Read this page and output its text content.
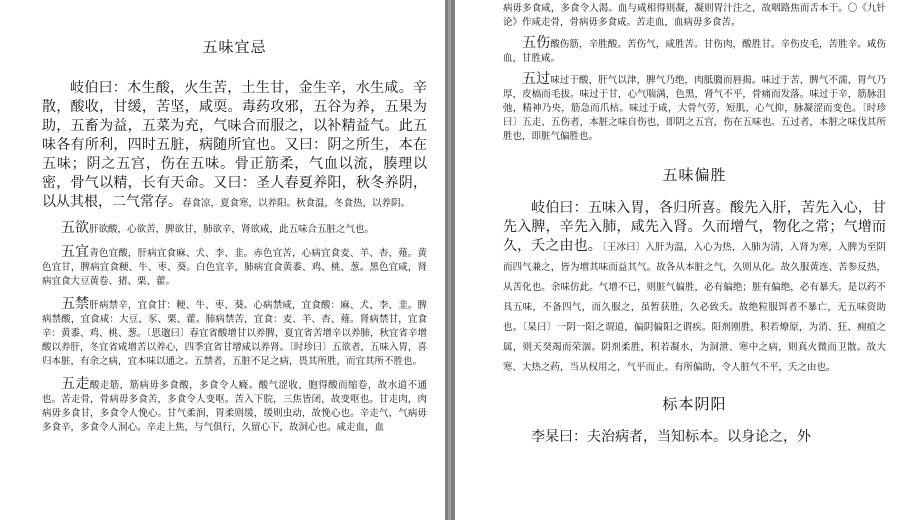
五味宜忌

岐伯曰：木生酸，火生苦，土生甘，金生辛，水生咸。辛散，酸收，甘缓，苦坚，咸耎。毒药攻邪，五谷为养，五果为助，五畜为益，五菜为充，气味合而服之，以补精益气。此五味各有所利，四时五脏，病随所宜也。又曰：阴之所生，本在五味；阴之五宫，伤在五味。骨正筋柔，气血以流，腠理以密，骨气以精，长有天命。又曰：圣人春夏养阳，秋冬养阴，以从其根，二气常存。春食凉，夏食寒，以养阳。秋食温，冬食热，以养阴。

五欲肝欲酸，心欲苦，脾欲甘，肺欲辛，肾欲咸，此五味合五脏之气也。

五宜青色宜酸，肝病宜食麻、犬、李、韭。赤色宜苦，心病宜食麦、羊、杏、薤。黄色宜甘，脾病宜食粳、牛、枣、葵。白色宜辛，肺病宜食黄黍、鸡、桃、葱。黑色宜咸，肾病宜食大豆黄卷、猪、栗、藿。

五禁肝病禁辛，宜食甘：粳、牛、枣、葵。心病禁咸，宜食酸：麻、犬、李、韭。脾病禁酸，宜食咸：大豆、豕、栗、藿。肺病禁苦，宜食：麦、羊、杏、薤。肾病禁甘，宜食辛：黄黍、鸡、桃、葱。〔思邈曰〕春宜省酸增甘以养脾，夏宜省苦增辛以养肺，秋宜省辛增酸以养肝，冬宜省咸增苦以养心，四季宜省甘增咸以养肾。〔时珍曰〕五欲者，五味入胃，喜归本脏，有余之病，宜本味以通之。五禁者，五脏不足之病，畏其所胜，而宜其所不胜也。

五走酸走筋，筋病毋多食酸，多食令人癃。酸气涩收，胞得酸而缩卷，故水道不通也。苦走骨，骨病毋多食苦，多食令人变呕。苦入下脘，三焦皆闭，故变呕也。甘走肉，肉病毋多食甘，多食令人悗心。甘气柔润，胃柔则缓，缓则虫动，故悗心也。辛走气，气病毋多食辛，多食令人洞心。辛走上焦，与气俱行，久留心下，故洞心也。咸走血，血

病毋多食咸，多食令人渴。血与咸相得则凝，凝则胃汁注之，故咽路焦而舌本干。〇《九针论》作咸走骨，骨病毋多食咸。苦走血，血病毋多食苦。

五伤酸伤筋，辛胜酸。苦伤气，咸胜苦。甘伤肉，酸胜甘。辛伤皮毛，苦胜辛。咸伤血，甘胜咸。

五过味过于酸，肝气以津，脾气乃绝，肉胝䐢而唇揭。味过于苦，脾气不濡，胃气乃厚，皮槁而毛拔。味过于甘，心气喘满，色黑，肾气不平，骨痛而发落。味过于辛，筋脉沮弛，精神乃央，筋急而爪枯。味过于咸，大骨气劳，短肌，心气抑，脉凝涩而变色。〔时珍曰〕五走、五伤者，本脏之味自伤也，即阴之五宫，伤在五味也。五过者，本脏之味伐其所胜也，即脏气偏胜也。

五味偏胜

岐伯曰：五味入胃，各归所喜。酸先入肝，苦先入心，甘先入脾，辛先入肺，咸先入肾。久而增气，物化之常；气增而久，夭之由也。〔王冰曰〕入肝为温，入心为热，入肺为清，入肾为寒，入脾为至阴而四气兼之，皆为增其味而益其气。故各从本脏之气，久则从化。故久服黄连、苦参反热，从苦化也。余味仿此。气增不已，则脏气偏胜，必有偏绝；脏有偏绝，必有暴夭。是以药不具五味，不备四气，而久服之，虽暂获胜，久必致夭。故绝粒服饵者不暴亡，无五味资助也。〔杲曰〕一阴一阳之谓道，偏阴偏阳之谓疾。阳剂刚胜，积若燎原，为消、狂、痈疽之属，则天癸竭而荣涸。阴剂柔胜，积若凝水，为洞泄、寒中之病，则真火微而卫散。故大寒、大热之药，当从权用之，气平而止。有所偏助，令人脏气不平，夭之由也。

标本阴阳

李杲曰：夫治病者，当知标本。以身论之，外
